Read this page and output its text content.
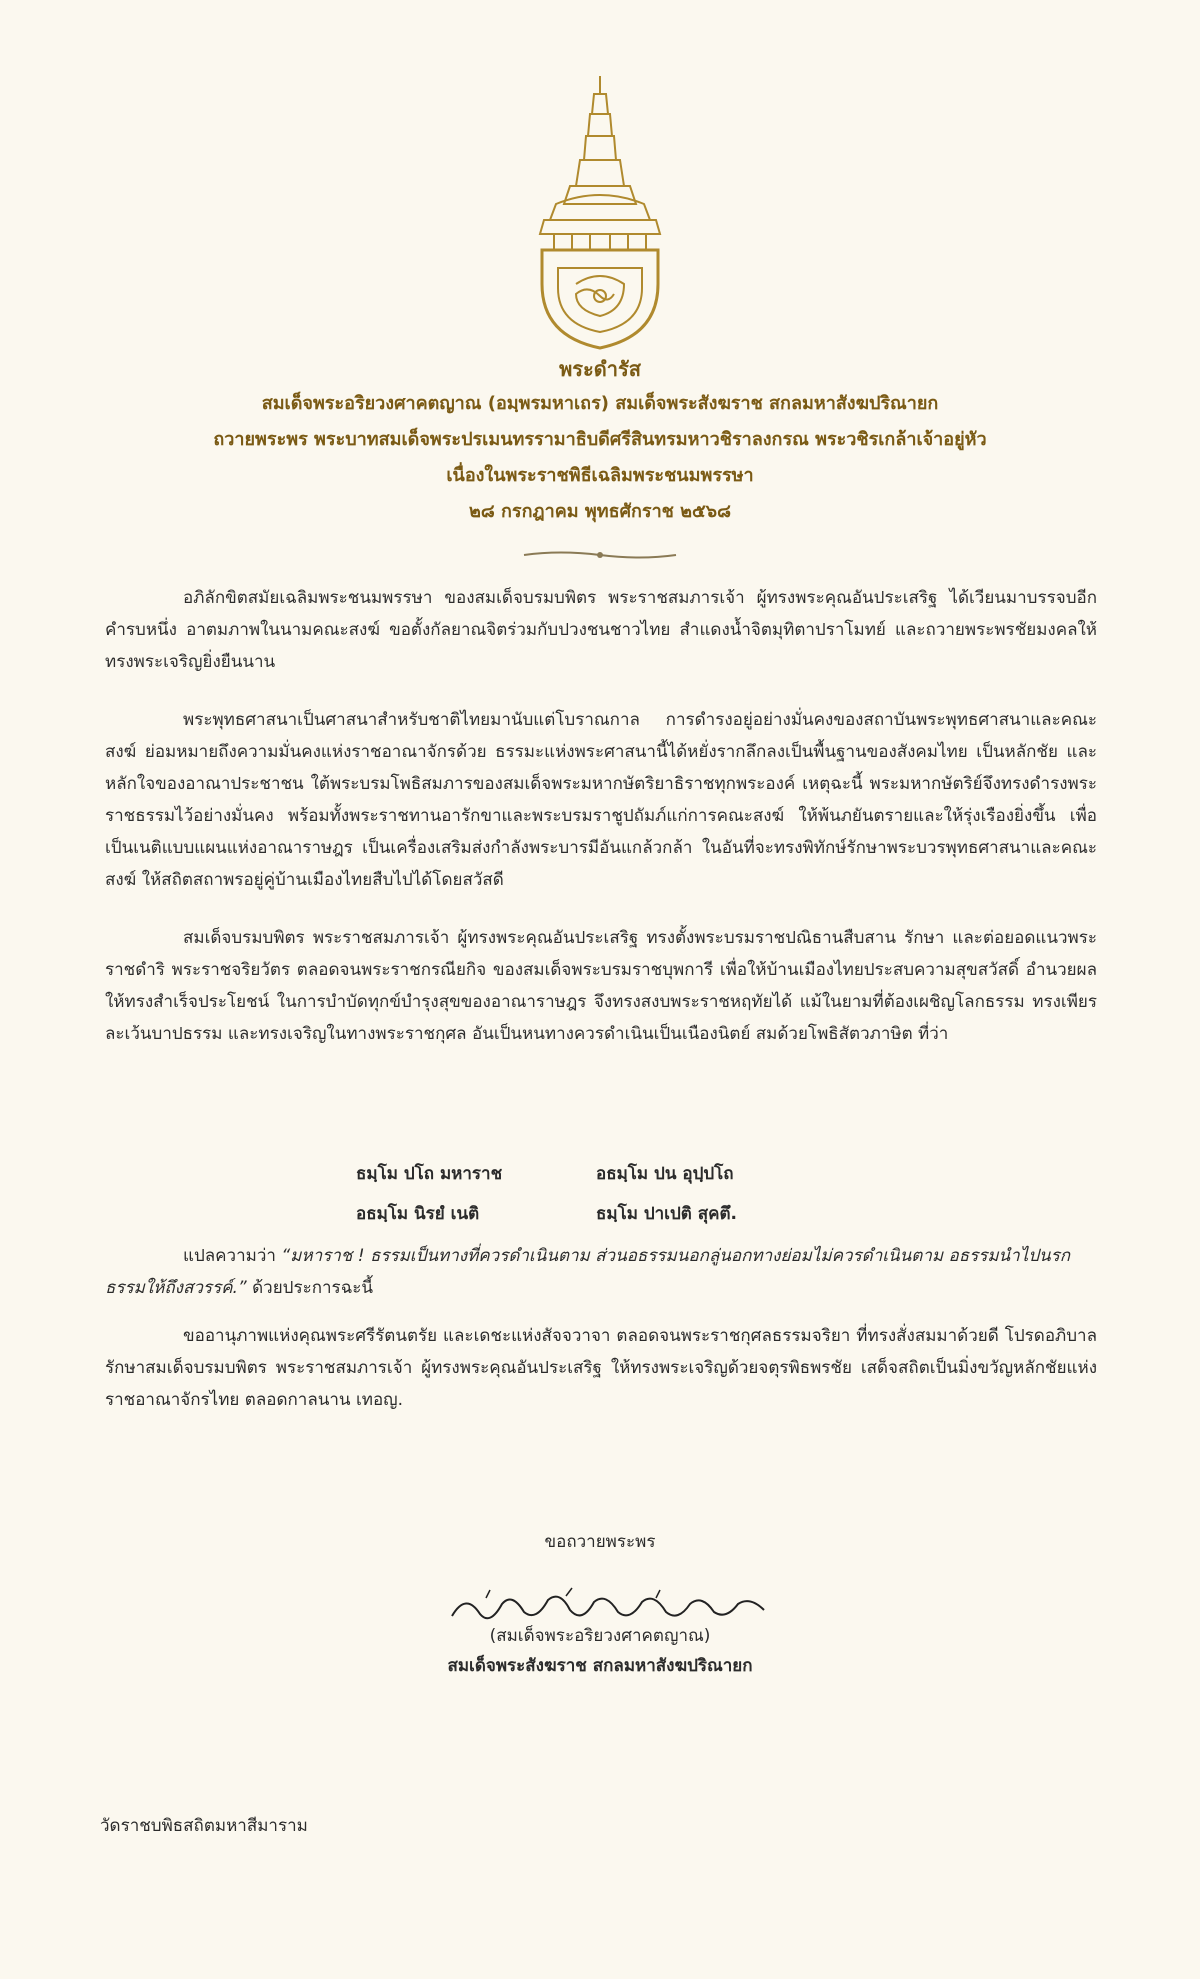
พระดำรัส
สมเด็จพระอริยวงศาคตญาณ (อมฺพรมหาเถร) สมเด็จพระสังฆราช สกลมหาสังฆปริณายก
ถวายพระพร พระบาทสมเด็จพระปรเมนทรรามาธิบดีศรีสินทรมหาวชิราลงกรณ พระวชิรเกล้าเจ้าอยู่หัว
เนื่องในพระราชพิธีเฉลิมพระชนมพรรษา
๒๘ กรกฎาคม พุทธศักราช ๒๕๖๘

อภิลักขิตสมัยเฉลิมพระชนมพรรษา ของสมเด็จบรมบพิตร พระราชสมภารเจ้า ผู้ทรงพระคุณอันประเสริฐ ได้เวียนมาบรรจบอีกคำรบหนึ่ง อาตมภาพในนามคณะสงฆ์ ขอตั้งกัลยาณจิตร่วมกับปวงชนชาวไทย สำแดงน้ำจิตมุทิตาปราโมทย์ และถวายพระพรชัยมงคลให้ทรงพระเจริญยิ่งยืนนาน

พระพุทธศาสนาเป็นศาสนาสำหรับชาติไทยมานับแต่โบราณกาล การดำรงอยู่อย่างมั่นคงของสถาบันพระพุทธศาสนาและคณะสงฆ์ ย่อมหมายถึงความมั่นคงแห่งราชอาณาจักรด้วย ธรรมะแห่งพระศาสนานี้ได้หยั่งรากลึกลงเป็นพื้นฐานของสังคมไทย เป็นหลักชัย และหลักใจของอาณาประชาชน ใต้พระบรมโพธิสมภารของสมเด็จพระมหากษัตริยาธิราชทุกพระองค์ เหตุฉะนี้ พระมหากษัตริย์จึงทรงดำรงพระราชธรรมไว้อย่างมั่นคง พร้อมทั้งพระราชทานอารักขาและพระบรมราชูปถัมภ์แก่การคณะสงฆ์ ให้พ้นภยันตรายและให้รุ่งเรืองยิ่งขึ้น เพื่อเป็นเนติแบบแผนแห่งอาณาราษฎร เป็นเครื่องเสริมส่งกำลังพระบารมีอันแกล้วกล้า ในอันที่จะทรงพิทักษ์รักษาพระบวรพุทธศาสนาและคณะสงฆ์ ให้สถิตสถาพรอยู่คู่บ้านเมืองไทยสืบไปได้โดยสวัสดี

สมเด็จบรมบพิตร พระราชสมภารเจ้า ผู้ทรงพระคุณอันประเสริฐ ทรงตั้งพระบรมราชปณิธานสืบสาน รักษา และต่อยอดแนวพระราชดำริ พระราชจริยวัตร ตลอดจนพระราชกรณียกิจ ของสมเด็จพระบรมราชบุพการี เพื่อให้บ้านเมืองไทยประสบความสุขสวัสดิ์ อำนวยผลให้ทรงสำเร็จประโยชน์ ในการบำบัดทุกข์บำรุงสุขของอาณาราษฎร จึงทรงสงบพระราชหฤทัยได้ แม้ในยามที่ต้องเผชิญโลกธรรม ทรงเพียรละเว้นบาปธรรม และทรงเจริญในทางพระราชกุศล อันเป็นหนทางควรดำเนินเป็นเนืองนิตย์ สมด้วยโพธิสัตวภาษิต ที่ว่า

ธมฺโม ปโถ มหาราช	อธมฺโม ปน อุปฺปโถ
อธมฺโม นิรยํ เนติ	ธมฺโม ปาเปติ สุคตึ.
แปลความว่า “มหาราช ! ธรรมเป็นทางที่ควรดำเนินตาม ส่วนอธรรมนอกลู่นอกทางย่อมไม่ควรดำเนินตาม อธรรมนำไปนรก ธรรมให้ถึงสวรรค์.” ด้วยประการฉะนี้
ขออานุภาพแห่งคุณพระศรีรัตนตรัย และเดชะแห่งสัจจวาจา ตลอดจนพระราชกุศลธรรมจริยา ที่ทรงสั่งสมมาด้วยดี โปรดอภิบาลรักษาสมเด็จบรมบพิตร พระราชสมภารเจ้า ผู้ทรงพระคุณอันประเสริฐ ให้ทรงพระเจริญด้วยจตุรพิธพรชัย เสด็จสถิตเป็นมิ่งขวัญหลักชัยแห่งราชอาณาจักรไทย ตลอดกาลนาน เทอญ.
ขอถวายพระพร
(สมเด็จพระอริยวงศาคตญาณ)
สมเด็จพระสังฆราช สกลมหาสังฆปริณายก
วัดราชบพิธสถิตมหาสีมาราม
